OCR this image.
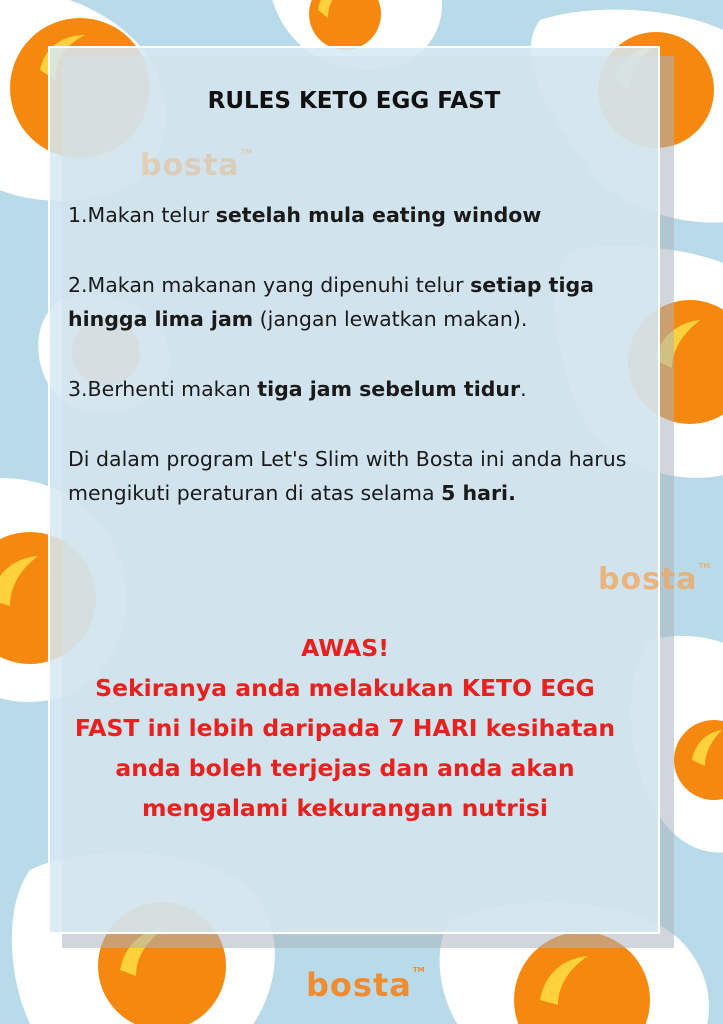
bosta™
bosta™
bosta™
RULES KETO EGG FAST

1.Makan telur setelah mula eating window

2.Makan makanan yang dipenuhi telur setiap tiga hingga lima jam (jangan lewatkan makan).

3.Berhenti makan tiga jam sebelum tidur.

Di dalam program Let's Slim with Bosta ini anda harus mengikuti peraturan di atas selama 5 hari.

AWAS!
Sekiranya anda melakukan KETO EGG FAST ini lebih daripada 7 HARI kesihatan anda boleh terjejas dan anda akan mengalami kekurangan nutrisi
